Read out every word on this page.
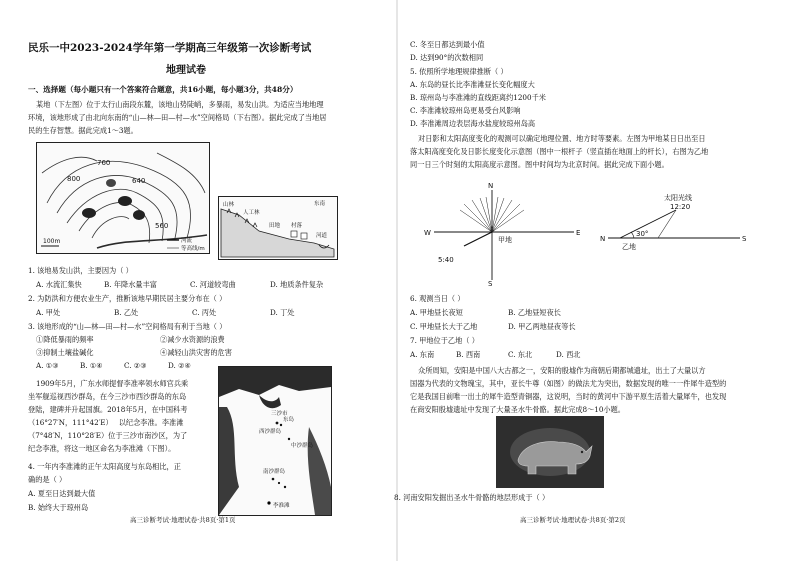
民乐一中2023-2024学年第一学期高三年级第一次诊断考试
地理试卷
一、选择题（每小题只有一个答案符合题意，共16小题，每小题3分，共48分）
某地（下左图）位于太行山南段东麓，该地山势陡峭，多暴雨，易发山洪。为适应当地地理
环境，该地形成了由北向东南的“山—林—田—村—水”空间格局（下右图）。据此完成了当地居
民的生存智慧。据此完成1～3题。
760
640
800
560
100m	河流
等高线/m
山林
人工林
田地 村落
河道
东南
1. 该地易发山洪，主要因为（ ）
A. 水流汇集快	B. 年降水量丰富	C. 河道较弯曲	D. 地质条件复杂
2. 为防洪和方便农业生产，推断该地早期民居主要分布在（ ）
A. 甲处	B. 乙处	C. 丙处	D. 丁处
3. 该地形成的“山—林—田—村—水”空间格局有利于当地（ ）
①降低暴雨的频率	②减少水资源的浪费
③抑制土壤盐碱化	④减轻山洪灾害的危害
A. ①③	B. ①④	C. ②③	D. ②④
1909年5月，广东水师提督李准率领水师官兵乘
坐军舰巡视西沙群岛，在今三沙市西沙群岛的东岛
登陆，建碑并升起国旗。2018年5月，在中国科考
（16°27′N，111°42′E） 以纪念李准。李准滩
（7°48′N，110°28′E）位于三沙市南沙区，为了
纪念李准，将这一地区命名为李准滩（下图）。
三沙市
西沙群岛
南沙群岛
东岛
李准滩
中沙群岛
4. 一年内李准滩的正午太阳高度与东岛相比，正
确的是（ ）
A. 夏至日达到最大值
B. 始终大于琼州岛
高三诊断考试·地理试卷·共8页·第1页
C. 冬至日都达到最小值
D. 达到90°的次数相同
5. 依照所学地理规律推断（ ）
A. 东岛的昼长比李准滩昼长变化幅度大
B. 琼州岛与李准滩的直线距离约1200千米
C. 李准滩较琼州岛更易受台风影响
D. 李准滩周边表层海水盐度较琼州岛高
对日影和太阳高度变化的观测可以确定地理位置、地方时等要素。左图为甲地某日日出至日
落太阳高度变化及日影长度变化示意图（图中一根杆子（竖直插在地面上的杆长），右图为乙地
同一日三个时刻的太阳高度示意图。图中时间均为北京时间。据此完成下面小题。
N
S
W	E
甲地
5:40
太阳光线
12:20
30°
乙地
N	S
6. 观测当日（ ）
A. 甲地昼长夜短	B. 乙地昼短夜长
C. 甲地昼长大于乙地	D. 甲乙两地昼夜等长
7. 甲地位于乙地（ ）
A. 东南	B. 西南	C. 东北	D. 西北
众所周知，安阳是中国八大古都之一，安阳的殷墟作为商朝后期都城遗址，出土了大量以方
国器为代表的文物瑰宝，其中，亚长牛尊（如图）的做法尤为突出，数据发现的唯一一件犀牛造型的
它是我国目前唯一出土的犀牛造型青铜器，这说明，当时的黄河中下游平原生活着大量犀牛，也发现
在商安阳殷墟遗址中发现了大量圣水牛骨骼。据此完成8～10小题。
8. 河南安阳发掘出圣水牛骨骼的地层形成于（ ）
高三诊断考试·地理试卷·共8页·第2页
